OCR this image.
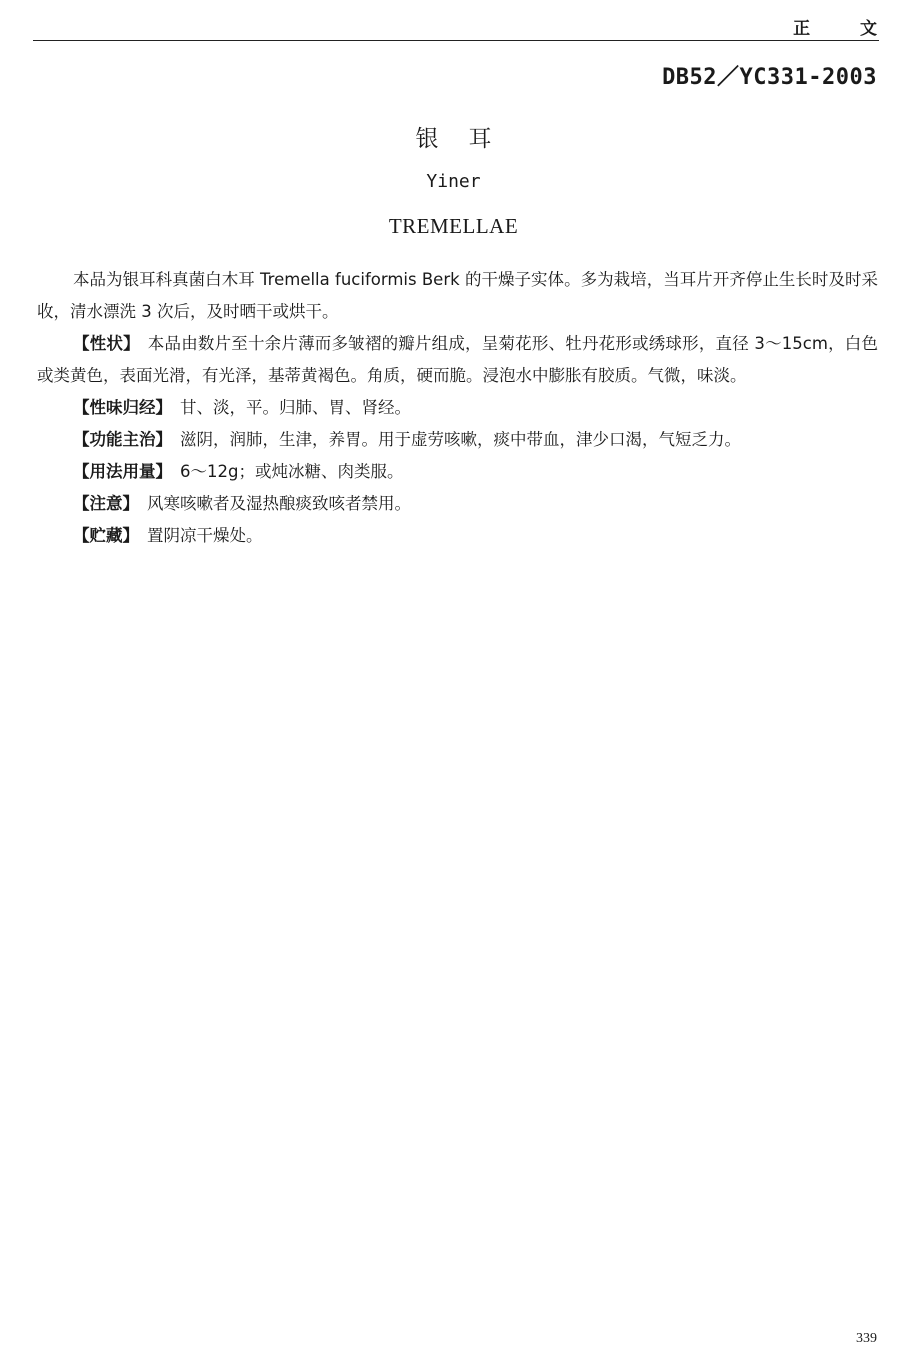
正 文
DB52／YC331-2003
银耳
Yiner
TREMELLAE

本品为银耳科真菌白木耳 Tremella fuciformis Berk 的干燥子实体。多为栽培，当耳片开齐停止生长时及时采收，清水漂洗 3 次后，及时晒干或烘干。

【性状】 本品由数片至十余片薄而多皱褶的瓣片组成，呈菊花形、牡丹花形或绣球形，直径 3～15cm，白色或类黄色，表面光滑，有光泽，基蒂黄褐色。角质，硬而脆。浸泡水中膨胀有胶质。气微，味淡。

【性味归经】 甘、淡，平。归肺、胃、肾经。

【功能主治】 滋阴，润肺，生津，养胃。用于虚劳咳嗽，痰中带血，津少口渴，气短乏力。

【用法用量】 6～12g；或炖冰糖、肉类服。

【注意】 风寒咳嗽者及湿热酿痰致咳者禁用。

【贮藏】 置阴凉干燥处。

339
